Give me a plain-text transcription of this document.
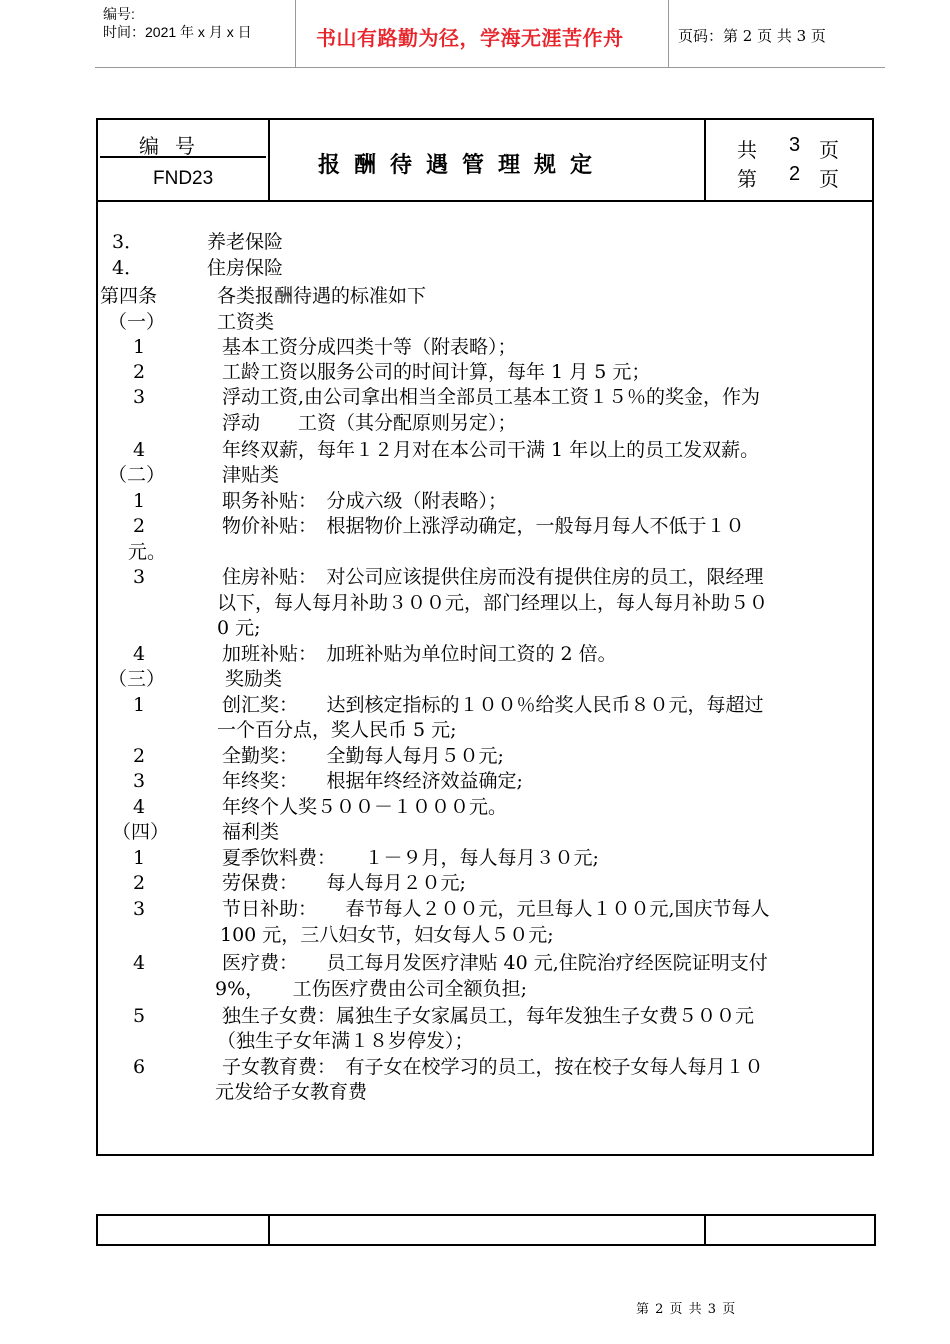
编号:
时间：2021 年 x 月 x 日	书山有路勤为径，学海无涯苦作舟	页码：第 2 页 共 3 页
编号
FND23
报酬待遇管理规定
共 3 页
第 2 页
3．	养老保险
4．	住房保险
第四条	各类报酬待遇的标准如下
（一）	工资类
1	基本工资分成四类十等（附表略）；
2	工龄工资以服务公司的时间计算，每年 1 月 5 元；
3	浮动工资,由公司拿出相当全部员工基本工资１５％的奖金，作为
浮动　　工资（其分配原则另定）；
4	年终双薪，每年１２月对在本公司干满 1 年以上的员工发双薪。
（二）	津贴类
1	职务补贴：　分成六级（附表略）；
2	物价补贴：　根据物价上涨浮动确定，一般每月每人不低于１０
元。
3	住房补贴：　对公司应该提供住房而没有提供住房的员工，限经理
以下，每人每月补助３００元，部门经理以上，每人每月补助５０
0 元;
4	加班补贴：　加班补贴为单位时间工资的 2 倍。
（三）	奖励类
1	创汇奖：　　达到核定指标的１００％给奖人民币８０元，每超过
一个百分点，奖人民币 5 元;
2	全勤奖：　　全勤每人每月５０元;
3	年终奖：　　根据年终经济效益确定;
4	年终个人奖５００－１０００元。
（四）	福利类
1	夏季饮料费：　　１－９月，每人每月３０元;
2	劳保费：　　每人每月２０元;
3	节日补助：　　春节每人２００元，元旦每人１００元,国庆节每人
100 元，三八妇女节，妇女每人５０元;
4	医疗费：　　员工每月发医疗津贴 40 元,住院治疗经医院证明支付
9%，　　工伤医疗费由公司全额负担;
5	独生子女费：属独生子女家属员工，每年发独生子女费５００元
（独生子女年满１８岁停发）；
6	子女教育费：　有子女在校学习的员工，按在校子女每人每月１０
元发给子女教育费
第 2 页 共 3 页
